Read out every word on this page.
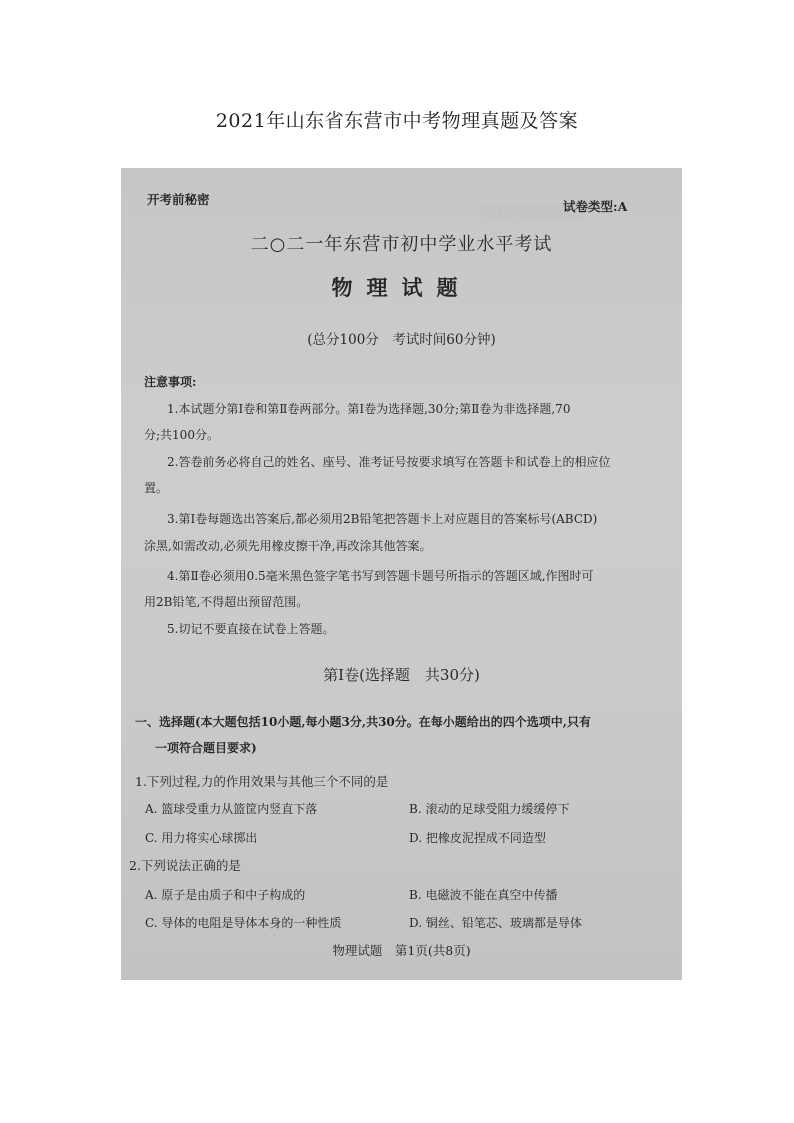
2021年山东省东营市中考物理真题及答案
░░░░░░░░░░░
开考前秘密	试卷类型:A
二○二一年东营市初中学业水平考试
物理试题
(总分100分　考试时间60分钟)
注意事项:
1.本试题分第Ⅰ卷和第Ⅱ卷两部分。第Ⅰ卷为选择题,30分;第Ⅱ卷为非选择题,70
分;共100分。
2.答卷前务必将自己的姓名、座号、准考证号按要求填写在答题卡和试卷上的相应位
置。
3.第Ⅰ卷每题选出答案后,都必须用2B铅笔把答题卡上对应题目的答案标号(ABCD)
涂黑,如需改动,必须先用橡皮擦干净,再改涂其他答案。
4.第Ⅱ卷必须用0.5毫米黑色签字笔书写到答题卡题号所指示的答题区域,作图时可
用2B铅笔,不得超出预留范围。
5.切记不要直接在试卷上答题。
第Ⅰ卷(选择题　共30分)
一、选择题(本大题包括10小题,每小题3分,共30分。在每小题给出的四个选项中,只有
一项符合题目要求)
1.下列过程,力的作用效果与其他三个不同的是
A. 篮球受重力从篮筐内竖直下落	B. 滚动的足球受阻力缓缓停下
C. 用力将实心球掷出	D. 把橡皮泥捏成不同造型
2.下列说法正确的是
A. 原子是由质子和中子构成的	B. 电磁波不能在真空中传播
C. 导体的电阻是导体本身的一种性质	D. 铜丝、铅笔芯、玻璃都是导体
物理试题　第1页(共8页)
